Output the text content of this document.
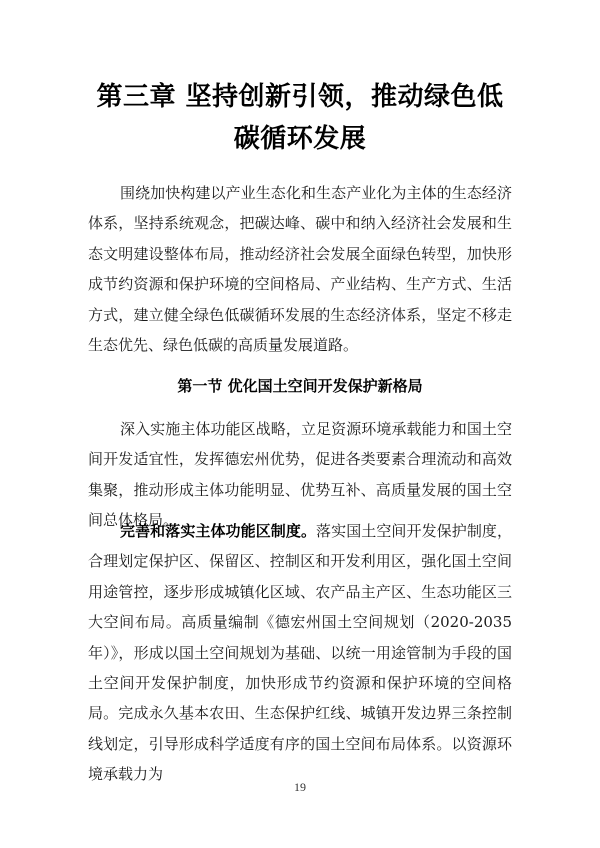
第三章 坚持创新引领，推动绿色低碳循环发展

围绕加快构建以产业生态化和生态产业化为主体的生态经济体系，坚持系统观念，把碳达峰、碳中和纳入经济社会发展和生态文明建设整体布局，推动经济社会发展全面绿色转型，加快形成节约资源和保护环境的空间格局、产业结构、生产方式、生活方式，建立健全绿色低碳循环发展的生态经济体系，坚定不移走生态优先、绿色低碳的高质量发展道路。

第一节 优化国土空间开发保护新格局

深入实施主体功能区战略，立足资源环境承载能力和国土空间开发适宜性，发挥德宏州优势，促进各类要素合理流动和高效集聚，推动形成主体功能明显、优势互补、高质量发展的国土空间总体格局。

完善和落实主体功能区制度。落实国土空间开发保护制度，合理划定保护区、保留区、控制区和开发利用区，强化国土空间用途管控，逐步形成城镇化区域、农产品主产区、生态功能区三大空间布局。高质量编制《德宏州国土空间规划（2020-2035年）》，形成以国土空间规划为基础、以统一用途管制为手段的国土空间开发保护制度，加快形成节约资源和保护环境的空间格局。完成永久基本农田、生态保护红线、城镇开发边界三条控制线划定，引导形成科学适度有序的国土空间布局体系。以资源环境承载力为

19
